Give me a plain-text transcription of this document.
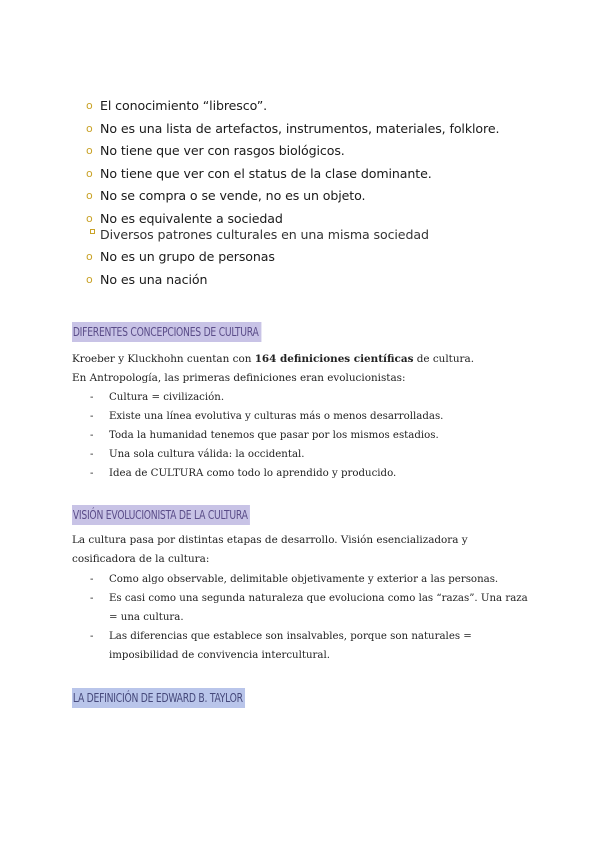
o El conocimiento “libresco”.
o No es una lista de artefactos, instrumentos, materiales, folklore.
o No tiene que ver con rasgos biológicos.
o No tiene que ver con el status de la clase dominante.
o No se compra o se vende, no es un objeto.
o No es equivalente a sociedad
Diversos patrones culturales en una misma sociedad
o No es un grupo de personas
o No es una nación
DIFERENTES CONCEPCIONES DE CULTURA
Kroeber y Kluckhohn cuentan con 164 definiciones científicas de cultura.
En Antropología, las primeras definiciones eran evolucionistas:
- Cultura = civilización.
- Existe una línea evolutiva y culturas más o menos desarrolladas.
- Toda la humanidad tenemos que pasar por los mismos estadios.
- Una sola cultura válida: la occidental.
- Idea de CULTURA como todo lo aprendido y producido.
VISIÓN EVOLUCIONISTA DE LA CULTURA
La cultura pasa por distintas etapas de desarrollo. Visión esencializadora y cosificadora de la cultura:
- Como algo observable, delimitable objetivamente y exterior a las personas.
- Es casi como una segunda naturaleza que evoluciona como las “razas”. Una raza = una cultura.
- Las diferencias que establece son insalvables, porque son naturales = imposibilidad de convivencia intercultural.
LA DEFINICIÓN DE EDWARD B. TAYLOR
